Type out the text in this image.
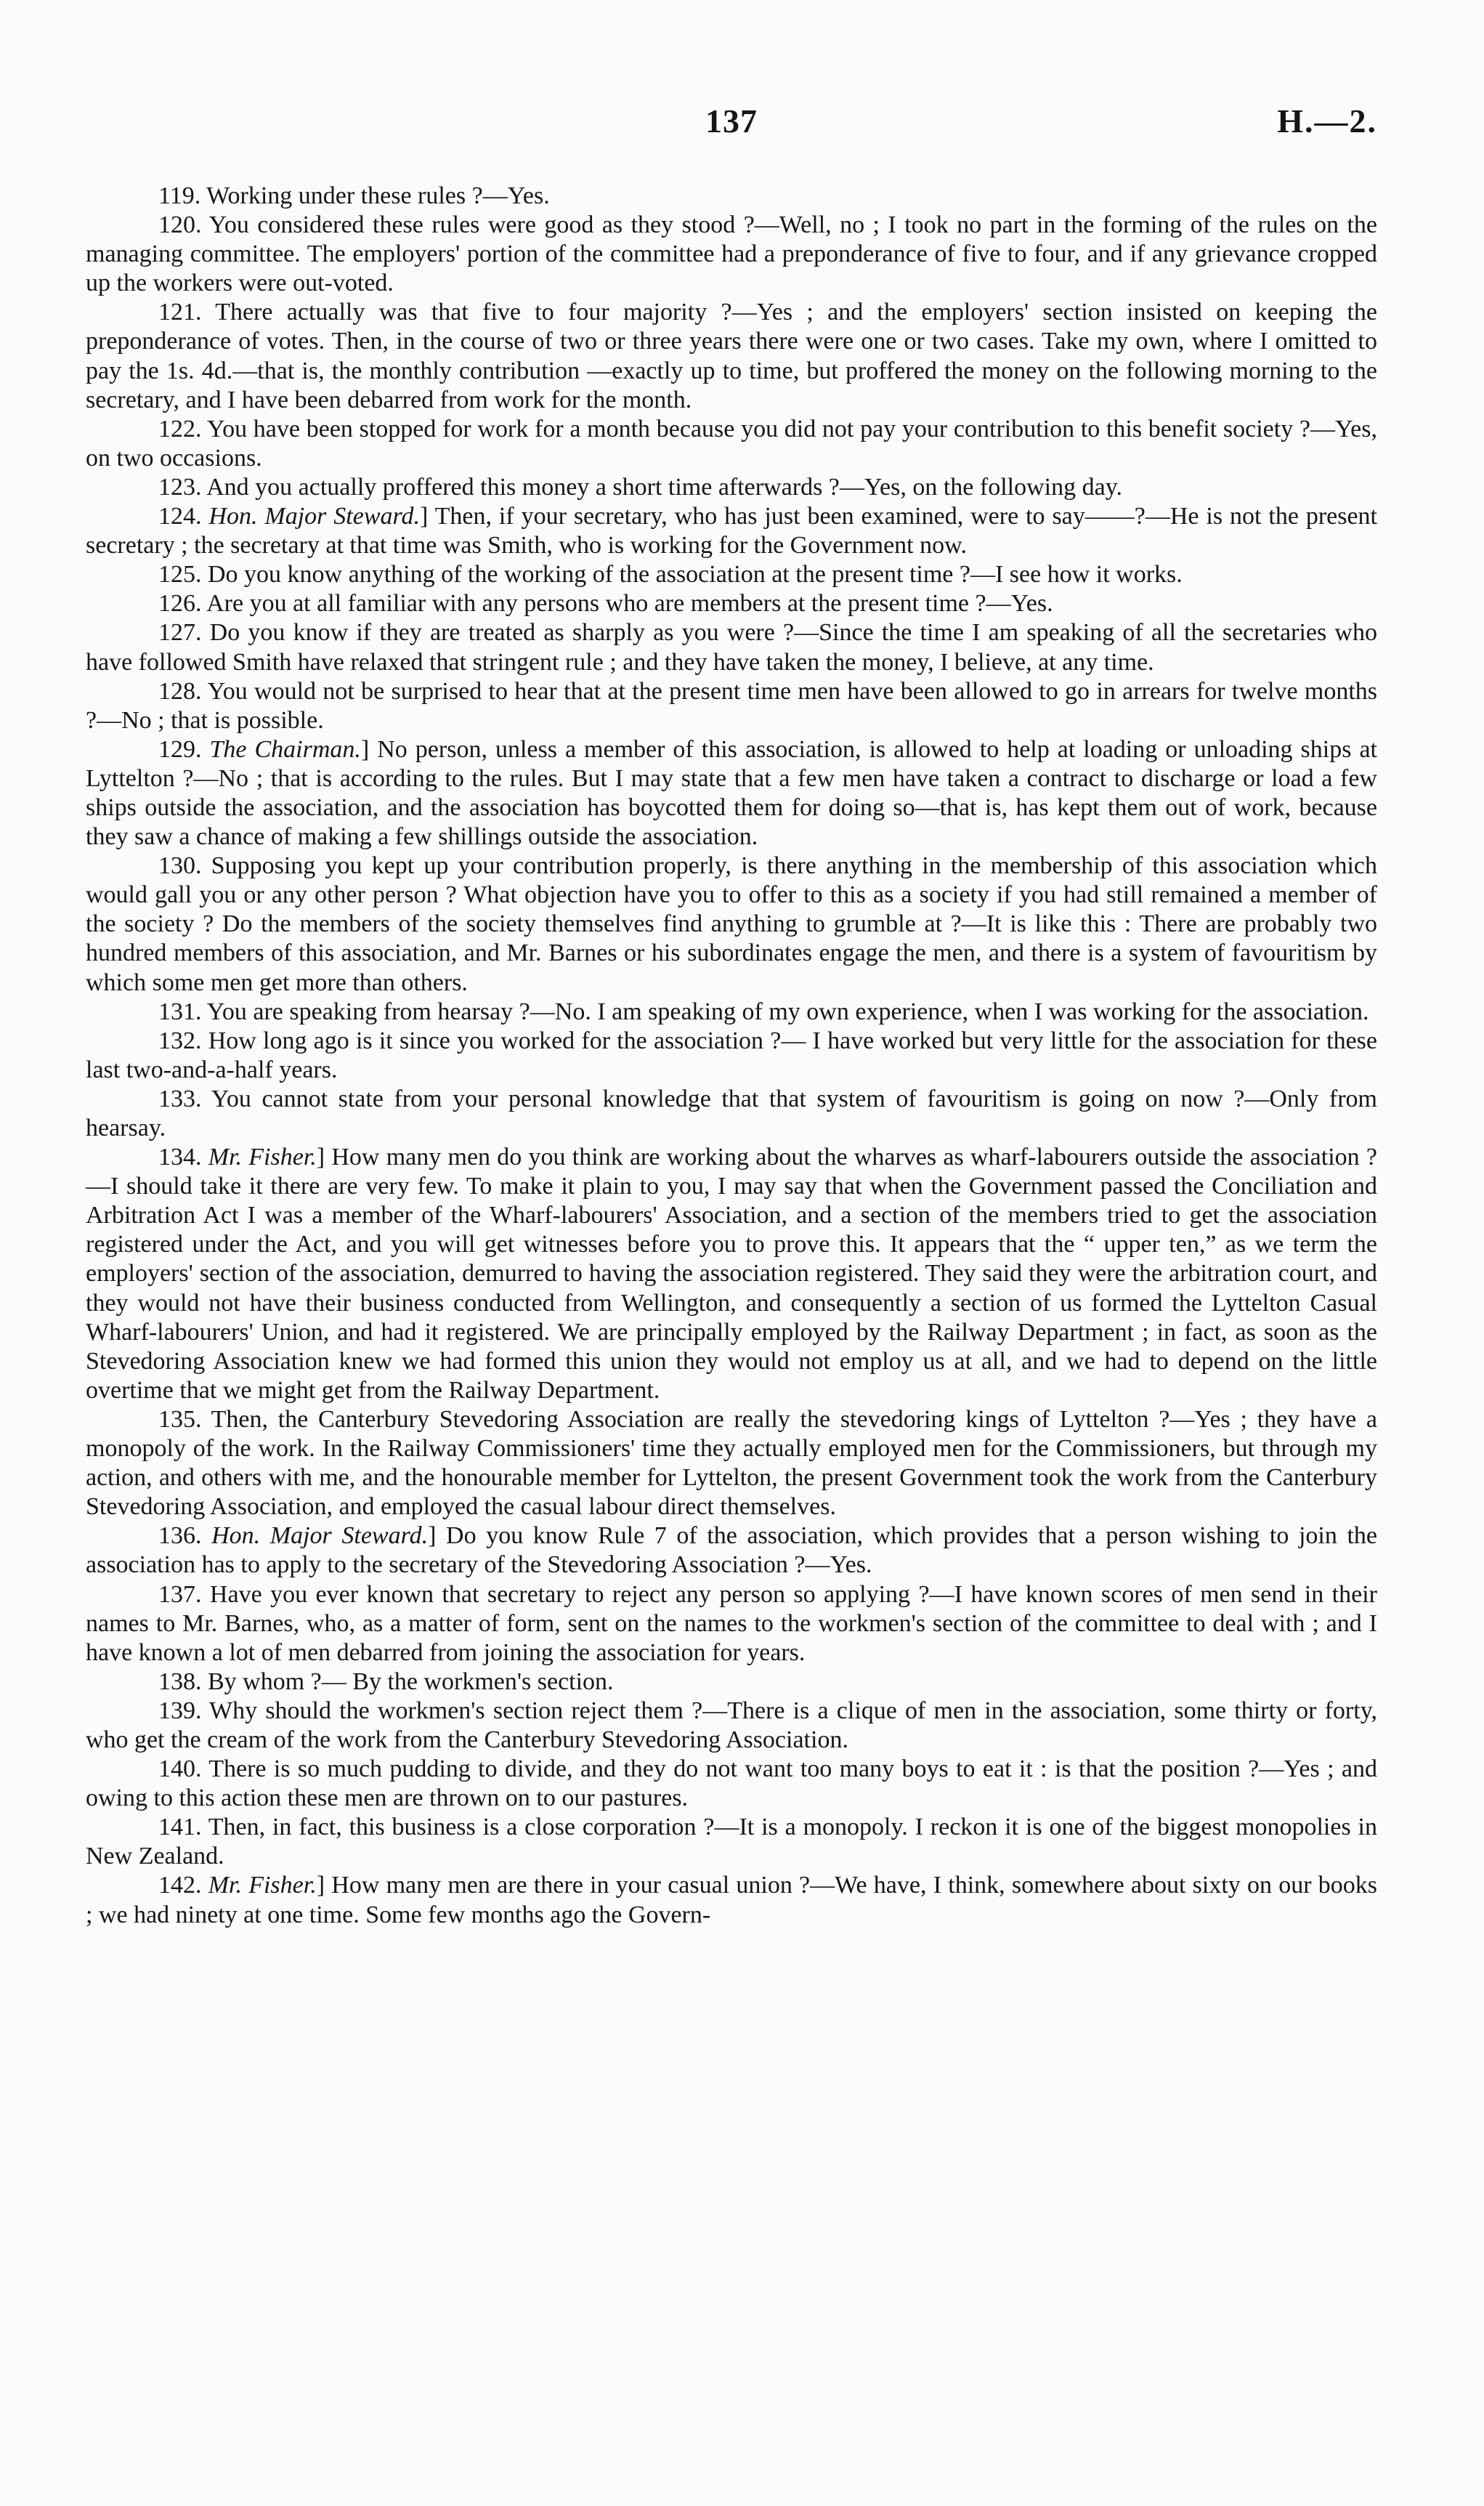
137	H.—2.

119. Working under these rules ?—Yes.

120. You considered these rules were good as they stood ?—Well, no ; I took no part in the forming of the rules on the managing committee. The employers' portion of the committee had a preponderance of five to four, and if any grievance cropped up the workers were out-voted.

121. There actually was that five to four majority ?—Yes ; and the employers' section insisted on keeping the preponderance of votes. Then, in the course of two or three years there were one or two cases. Take my own, where I omitted to pay the 1s. 4d.—that is, the monthly contribution —exactly up to time, but proffered the money on the following morning to the secretary, and I have been debarred from work for the month.

122. You have been stopped for work for a month because you did not pay your contribution to this benefit society ?—Yes, on two occasions.

123. And you actually proffered this money a short time afterwards ?—Yes, on the following day.

124. Hon. Major Steward.] Then, if your secretary, who has just been examined, were to say——?—He is not the present secretary ; the secretary at that time was Smith, who is working for the Government now.

125. Do you know anything of the working of the association at the present time ?—I see how it works.

126. Are you at all familiar with any persons who are members at the present time ?—Yes.

127. Do you know if they are treated as sharply as you were ?—Since the time I am speaking of all the secretaries who have followed Smith have relaxed that stringent rule ; and they have taken the money, I believe, at any time.

128. You would not be surprised to hear that at the present time men have been allowed to go in arrears for twelve months ?—No ; that is possible.

129. The Chairman.] No person, unless a member of this association, is allowed to help at loading or unloading ships at Lyttelton ?—No ; that is according to the rules. But I may state that a few men have taken a contract to discharge or load a few ships outside the association, and the association has boycotted them for doing so—that is, has kept them out of work, because they saw a chance of making a few shillings outside the association.

130. Supposing you kept up your contribution properly, is there anything in the membership of this association which would gall you or any other person ? What objection have you to offer to this as a society if you had still remained a member of the society ? Do the members of the society themselves find anything to grumble at ?—It is like this : There are probably two hundred members of this association, and Mr. Barnes or his subordinates engage the men, and there is a system of favouritism by which some men get more than others.

131. You are speaking from hearsay ?—No. I am speaking of my own experience, when I was working for the association.

132. How long ago is it since you worked for the association ?— I have worked but very little for the association for these last two-and-a-half years.

133. You cannot state from your personal knowledge that that system of favouritism is going on now ?—Only from hearsay.

134. Mr. Fisher.] How many men do you think are working about the wharves as wharf-labourers outside the association ?—I should take it there are very few. To make it plain to you, I may say that when the Government passed the Conciliation and Arbitration Act I was a member of the Wharf-labourers' Association, and a section of the members tried to get the association registered under the Act, and you will get witnesses before you to prove this. It appears that the “ upper ten,” as we term the employers' section of the association, demurred to having the association registered. They said they were the arbitration court, and they would not have their business conducted from Wellington, and consequently a section of us formed the Lyttelton Casual Wharf-labourers' Union, and had it registered. We are principally employed by the Railway Department ; in fact, as soon as the Stevedoring Association knew we had formed this union they would not employ us at all, and we had to depend on the little overtime that we might get from the Railway Department.

135. Then, the Canterbury Stevedoring Association are really the stevedoring kings of Lyttelton ?—Yes ; they have a monopoly of the work. In the Railway Commissioners' time they actually employed men for the Commissioners, but through my action, and others with me, and the honourable member for Lyttelton, the present Government took the work from the Canterbury Stevedoring Association, and employed the casual labour direct themselves.

136. Hon. Major Steward.] Do you know Rule 7 of the association, which provides that a person wishing to join the association has to apply to the secretary of the Stevedoring Association ?—Yes.

137. Have you ever known that secretary to reject any person so applying ?—I have known scores of men send in their names to Mr. Barnes, who, as a matter of form, sent on the names to the workmen's section of the committee to deal with ; and I have known a lot of men debarred from joining the association for years.

138. By whom ?— By the workmen's section.

139. Why should the workmen's section reject them ?—There is a clique of men in the association, some thirty or forty, who get the cream of the work from the Canterbury Stevedoring Association.

140. There is so much pudding to divide, and they do not want too many boys to eat it : is that the position ?—Yes ; and owing to this action these men are thrown on to our pastures.

141. Then, in fact, this business is a close corporation ?—It is a monopoly. I reckon it is one of the biggest monopolies in New Zealand.

142. Mr. Fisher.] How many men are there in your casual union ?—We have, I think, somewhere about sixty on our books ; we had ninety at one time. Some few months ago the Govern-
